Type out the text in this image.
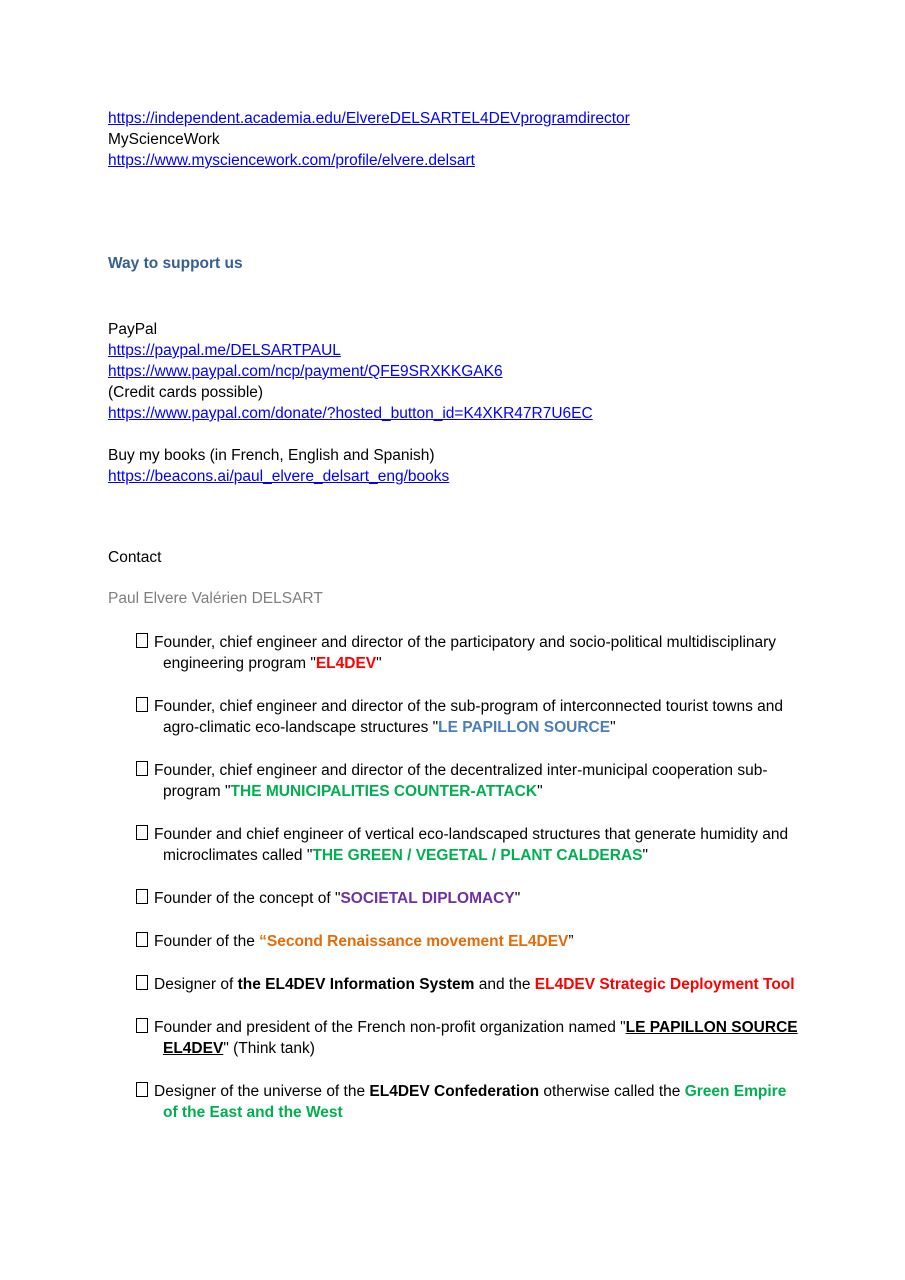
https://independent.academia.edu/ElvereDELSARTEL4DEVprogramdirector
MyScienceWork
https://www.mysciencework.com/profile/elvere.delsart
Way to support us
PayPal
https://paypal.me/DELSARTPAUL
https://www.paypal.com/ncp/payment/QFE9SRXKKGAK6
(Credit cards possible)
https://www.paypal.com/donate/?hosted_button_id=K4XKR47R7U6EC
Buy my books (in French, English and Spanish)
https://beacons.ai/paul_elvere_delsart_eng/books
Contact
Paul Elvere Valérien DELSART
Founder, chief engineer and director of the participatory and socio-political multidisciplinary engineering program "EL4DEV"
Founder, chief engineer and director of the sub-program of interconnected tourist towns and agro-climatic eco-landscape structures "LE PAPILLON SOURCE"
Founder, chief engineer and director of the decentralized inter-municipal cooperation sub-program "THE MUNICIPALITIES COUNTER-ATTACK"
Founder and chief engineer of vertical eco-landscaped structures that generate humidity and microclimates called "THE GREEN / VEGETAL / PLANT CALDERAS"
Founder of the concept of "SOCIETAL DIPLOMACY"
Founder of the “Second Renaissance movement EL4DEV”
Designer of the EL4DEV Information System and the EL4DEV Strategic Deployment Tool
Founder and president of the French non-profit organization named "LE PAPILLON SOURCE EL4DEV" (Think tank)
Designer of the universe of the EL4DEV Confederation otherwise called the Green Empire of the East and the West
